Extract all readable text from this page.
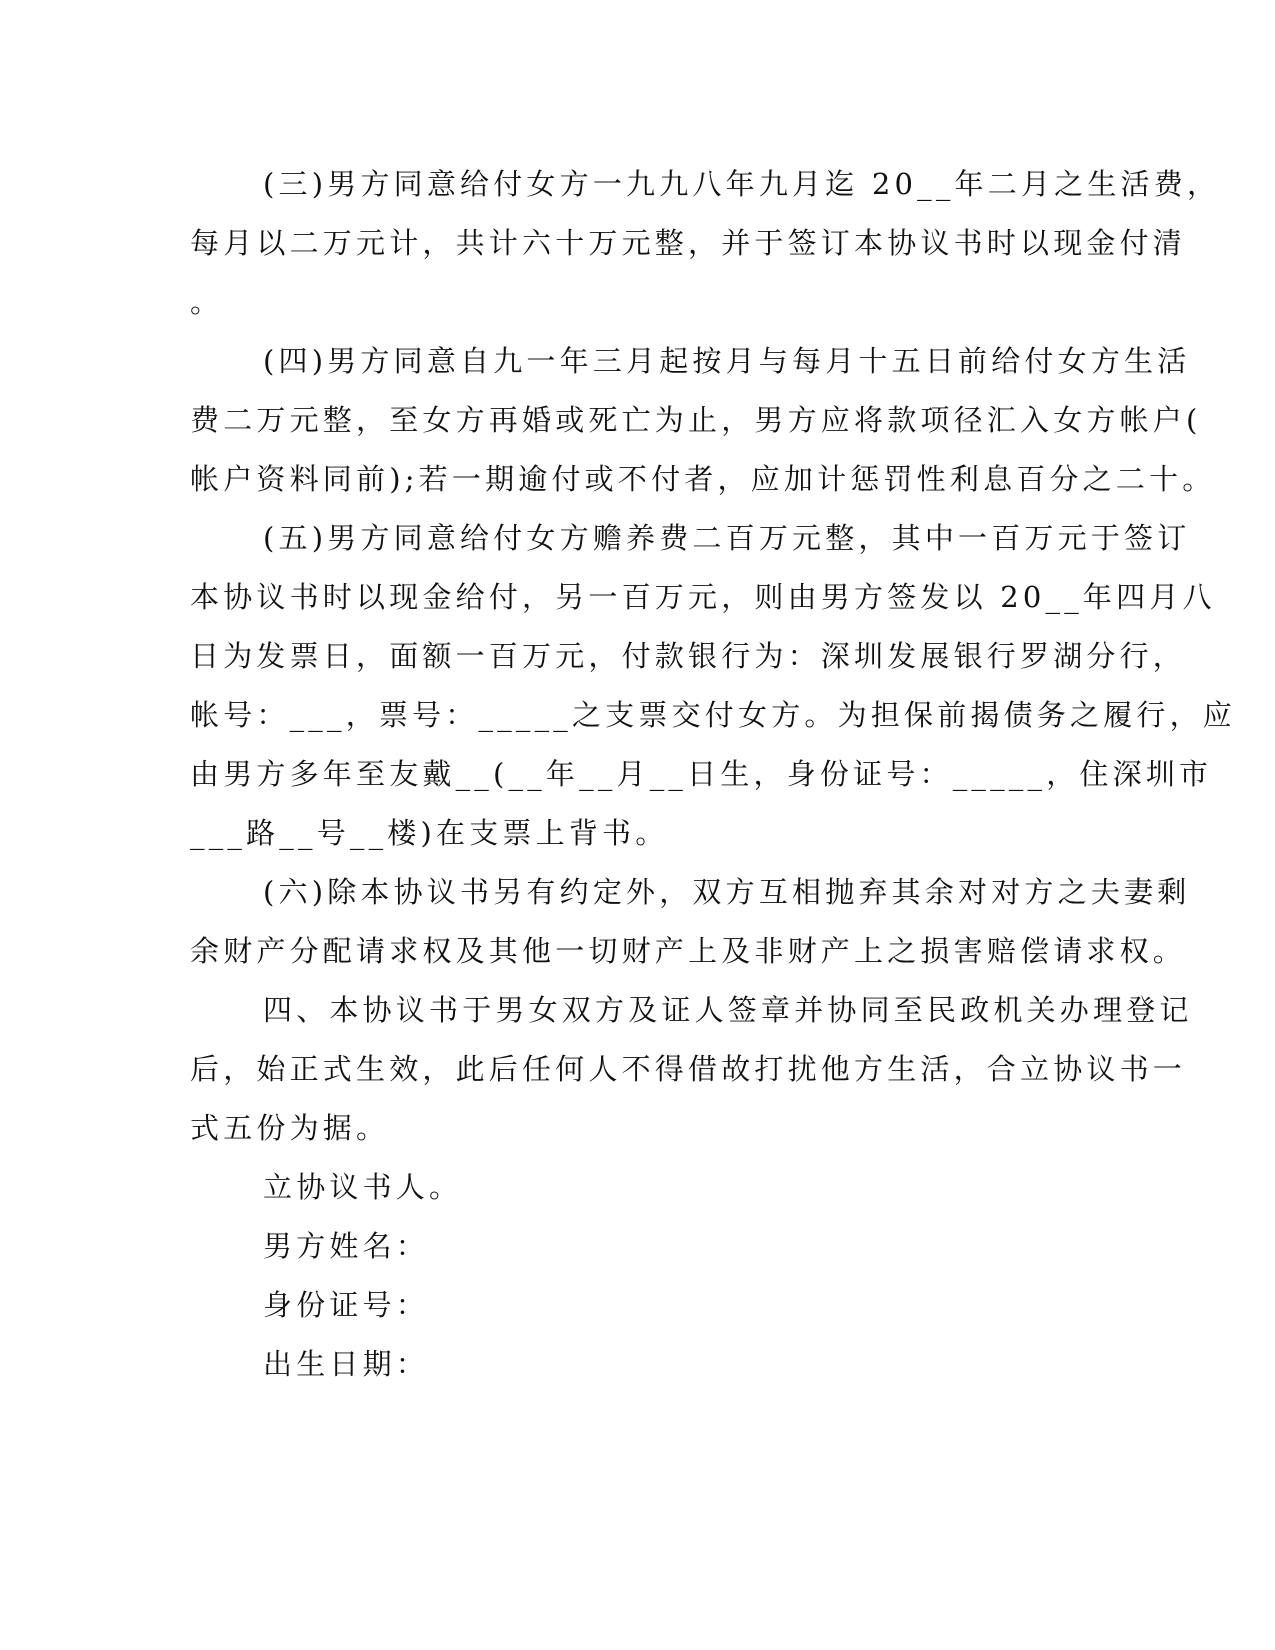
(三)男方同意给付女方一九九八年九月迄 20__年二月之生活费，
每月以二万元计，共计六十万元整，并于签订本协议书时以现金付清
。
(四)男方同意自九一年三月起按月与每月十五日前给付女方生活
费二万元整，至女方再婚或死亡为止，男方应将款项径汇入女方帐户(
帐户资料同前);若一期逾付或不付者，应加计惩罚性利息百分之二十。
(五)男方同意给付女方赡养费二百万元整，其中一百万元于签订
本协议书时以现金给付，另一百万元，则由男方签发以 20__年四月八
日为发票日，面额一百万元，付款银行为：深圳发展银行罗湖分行，
帐号：___，票号：_____之支票交付女方。为担保前揭债务之履行，应
由男方多年至友戴__(__年__月__日生，身份证号：_____，住深圳市
___路__号__楼)在支票上背书。
(六)除本协议书另有约定外，双方互相抛弃其余对对方之夫妻剩
余财产分配请求权及其他一切财产上及非财产上之损害赔偿请求权。
四、本协议书于男女双方及证人签章并协同至民政机关办理登记
后，始正式生效，此后任何人不得借故打扰他方生活，合立协议书一
式五份为据。
立协议书人。
男方姓名：
身份证号：
出生日期：
